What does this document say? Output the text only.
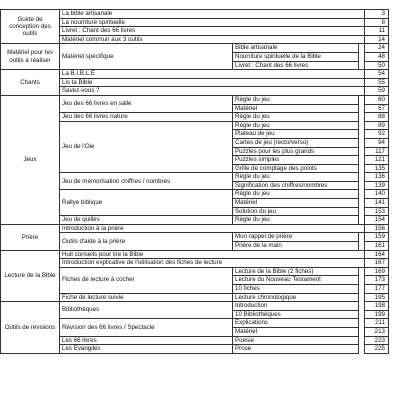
Guide de conception des outils	La bible artisanale			3
	La nourriture spirituelle			8
	Livret : Chant des 66 livres			11
	Matériel commun aux 3 outils			14
Matériel pour les outils à réaliser	Matériel spécifique	Bible artisanale		24
		Nourriture spirituelle de la Bible		48
		Livret : Chant des 66 livres		50
Chants	La B.I.B.L.E			54
	Lis ta Bible			55
	Savez-vous ?			59
Jeux	Jeu des 66 livres en salle	Règle du jeu		60
		Matériel		67
	Jeu des 66 livres nature	Règle du jeu		88
	Jeu de l'Oie	Règle du jeu		89
		Plateau de jeu		92
		Cartes de jeu (recto/verso)		94
		Puzzles pour les plus grands		117
		Puzzles simples		121
		Grille de comptage des points		135
	Jeu de mémorisation chiffres / nombres	Règle du jeu		136
		Signification des chiffres/nombres		139
	Rallye biblique	Règle du jeu		140
		Matériel		141
		Solution du jeu		153
	Jeu de quilles	Règle du jeu		154
Prière	Introduction à la prière			156
	Outils d'aide à la prière	Mon rappel de prière		159
		Prière de la main		161
Lecture de la Bible	Huit conseils pour lire la Bible			164
	Introduction explicative de l'utilisation des fiches de lecture			167
	Fiches de lecture à cocher	Lecture de la Bible (2 fiches)		169
		Lecture du Nouveau Testament		173
		10 fiches		177
	Fiche de lecture suivie	Lecture chronologique		195
Outils de révisions	Bibliothèques	Introduction		198
		10 Bibliothèques		199
	Révision des 66 livres / Spectacle	Explications		211
		Matériel		213
	Les 66 livres	Poésie		223
	Les Evangiles	Prose		225
